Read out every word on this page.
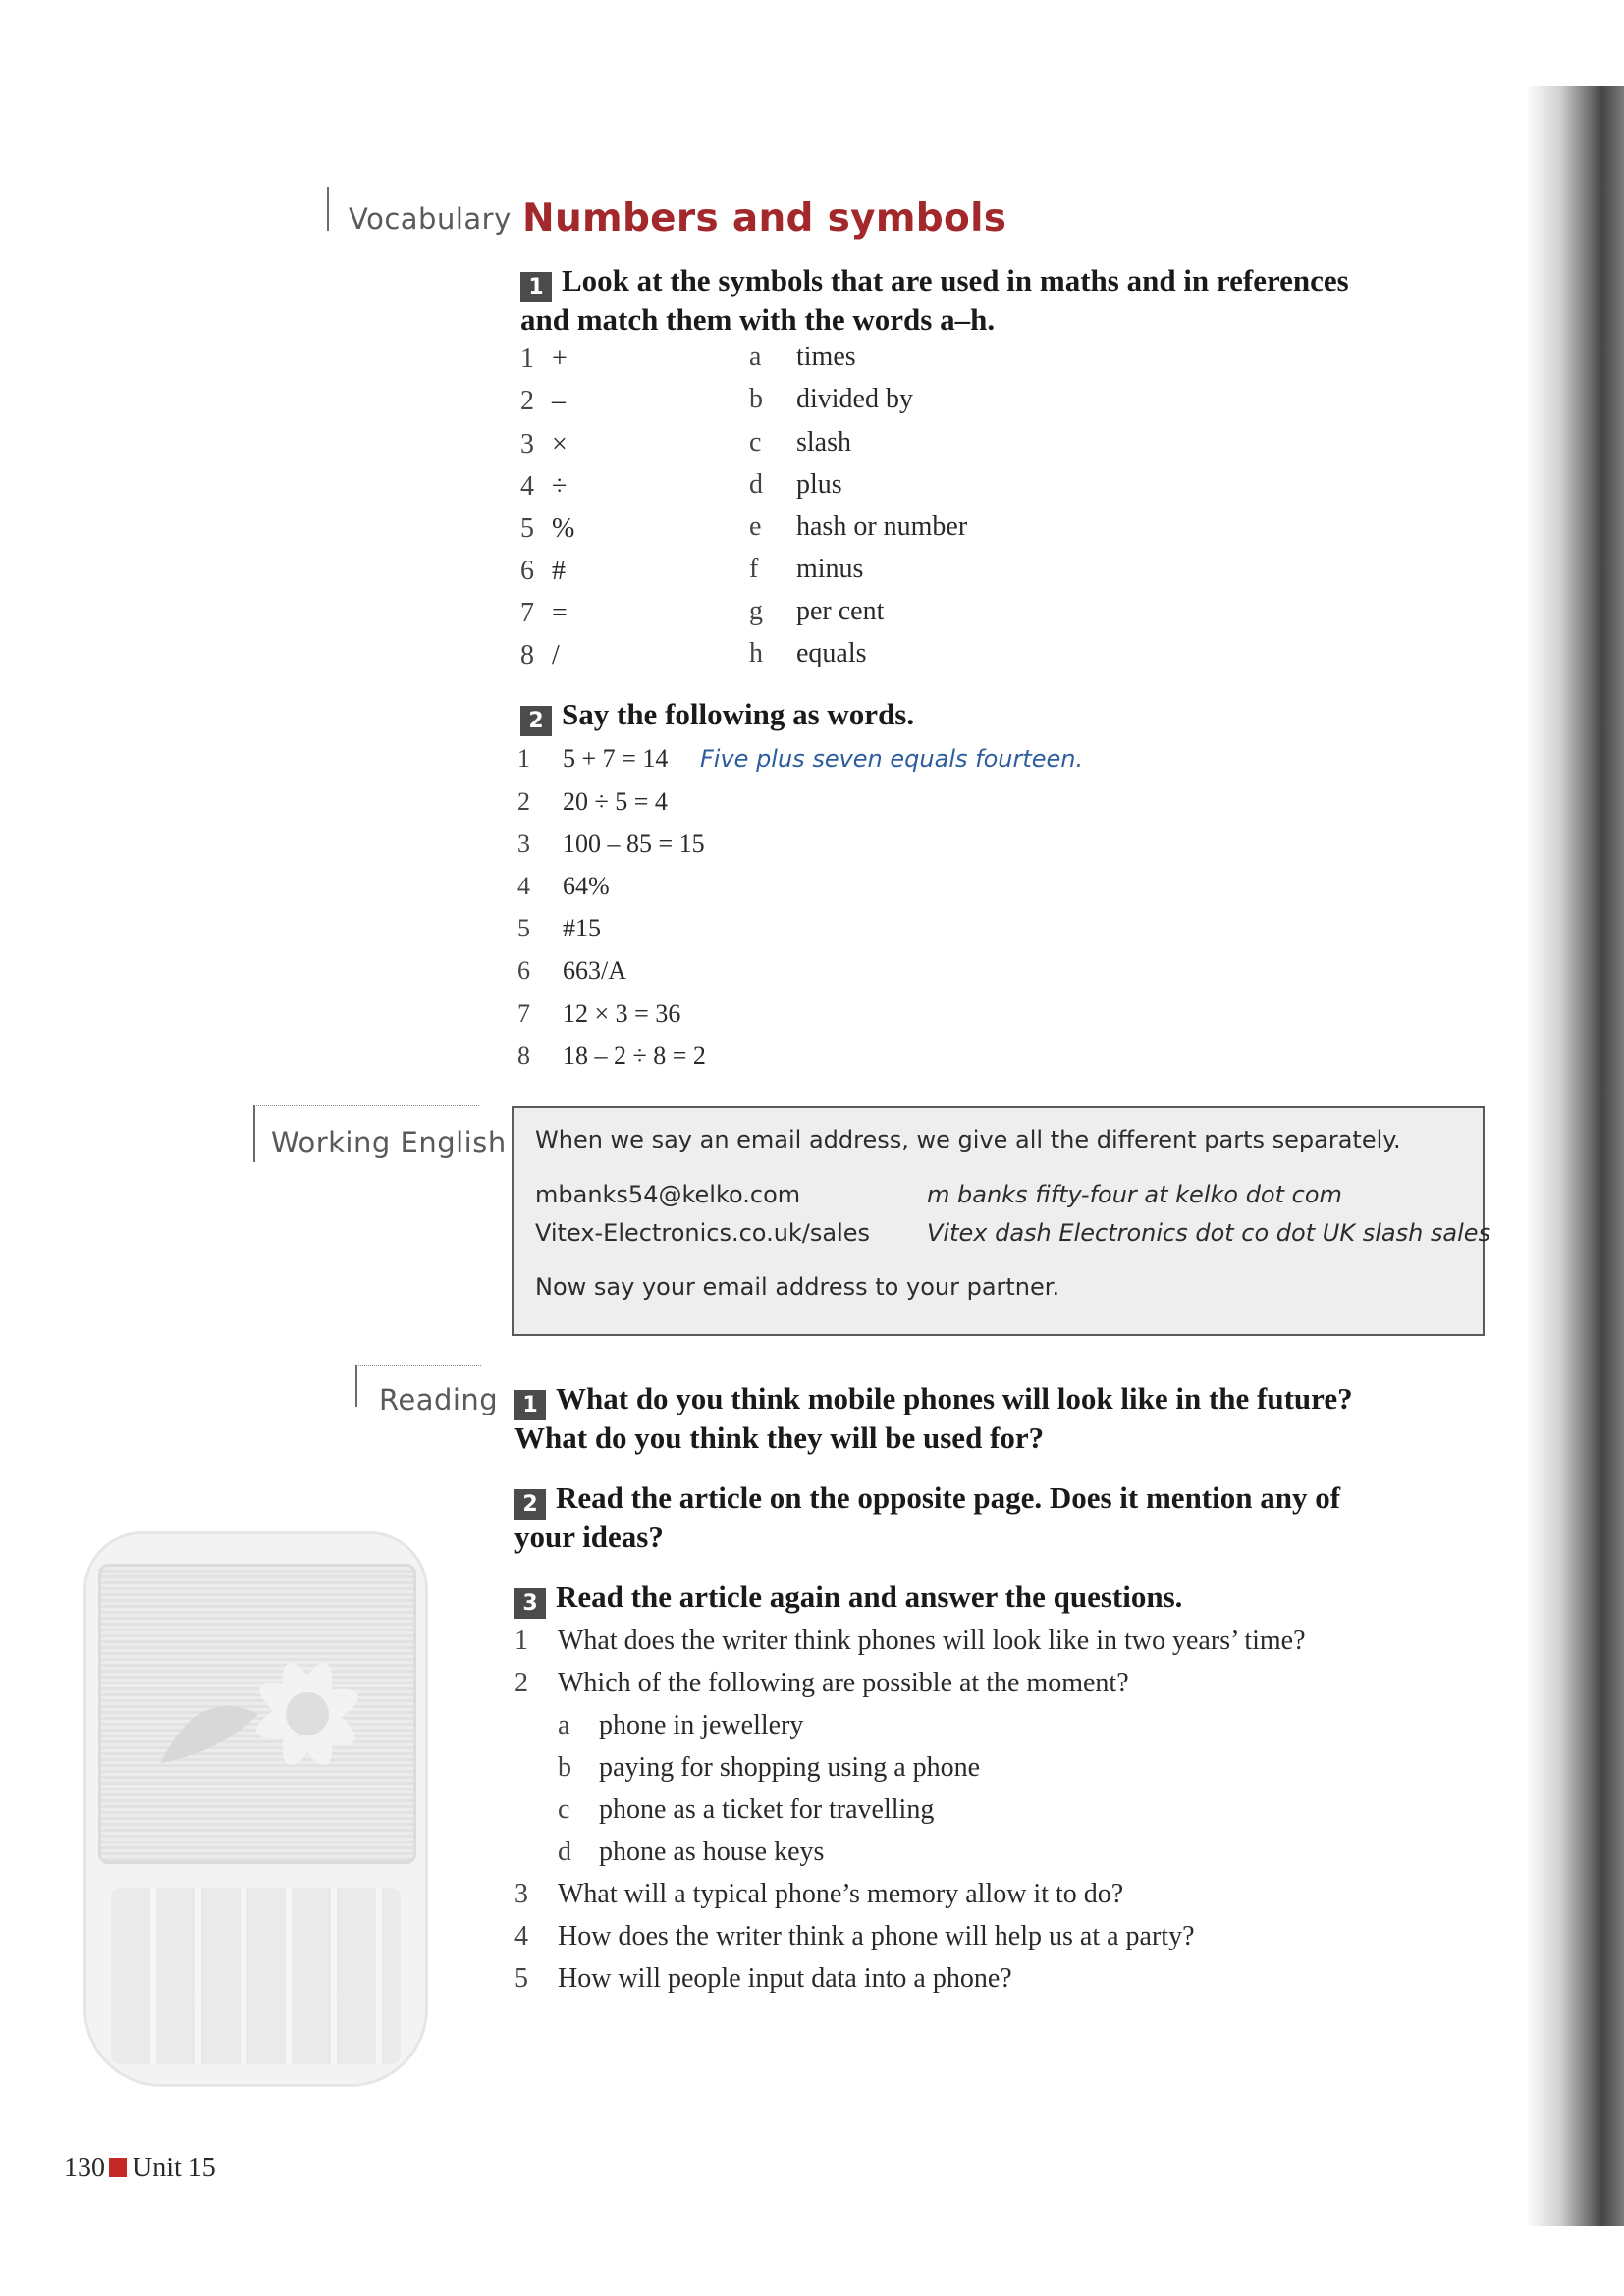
Vocabulary Numbers and symbols
1 Look at the symbols that are used in maths and in references
and match them with the words a–h.
1 +
2 –
3 ×
4 ÷
5 %
6 #
7 =
8 /
a times
b divided by
c slash
d plus
e hash or number
f minus
g per cent
h equals
2 Say the following as words.
1 5 + 7 = 14 Five plus seven equals fourteen.
2 20 ÷ 5 = 4
3 100 – 85 = 15
4 64%
5 #15
6 663/A
7 12 × 3 = 36
8 18 – 2 ÷ 8 = 2
Working English When we say an email address, we give all the different parts separately.
mbanks54@kelko.com	m banks fifty-four at kelko dot com
Vitex-Electronics.co.uk/sales Vitex dash Electronics dot co dot UK slash sales
Now say your email address to your partner.
Reading	1 What do you think mobile phones will look like in the future?
What do you think they will be used for?
2 Read the article on the opposite page. Does it mention any of
your ideas?
3 Read the article again and answer the questions.
1 What does the writer think phones will look like in two years’ time?
2 Which of the following are possible at the moment?
a phone in jewellery
b paying for shopping using a phone
c phone as a ticket for travelling
d phone as house keys
3 What will a typical phone’s memory allow it to do?
4 How does the writer think a phone will help us at a party?
5 How will people input data into a phone?
130 Unit 15
